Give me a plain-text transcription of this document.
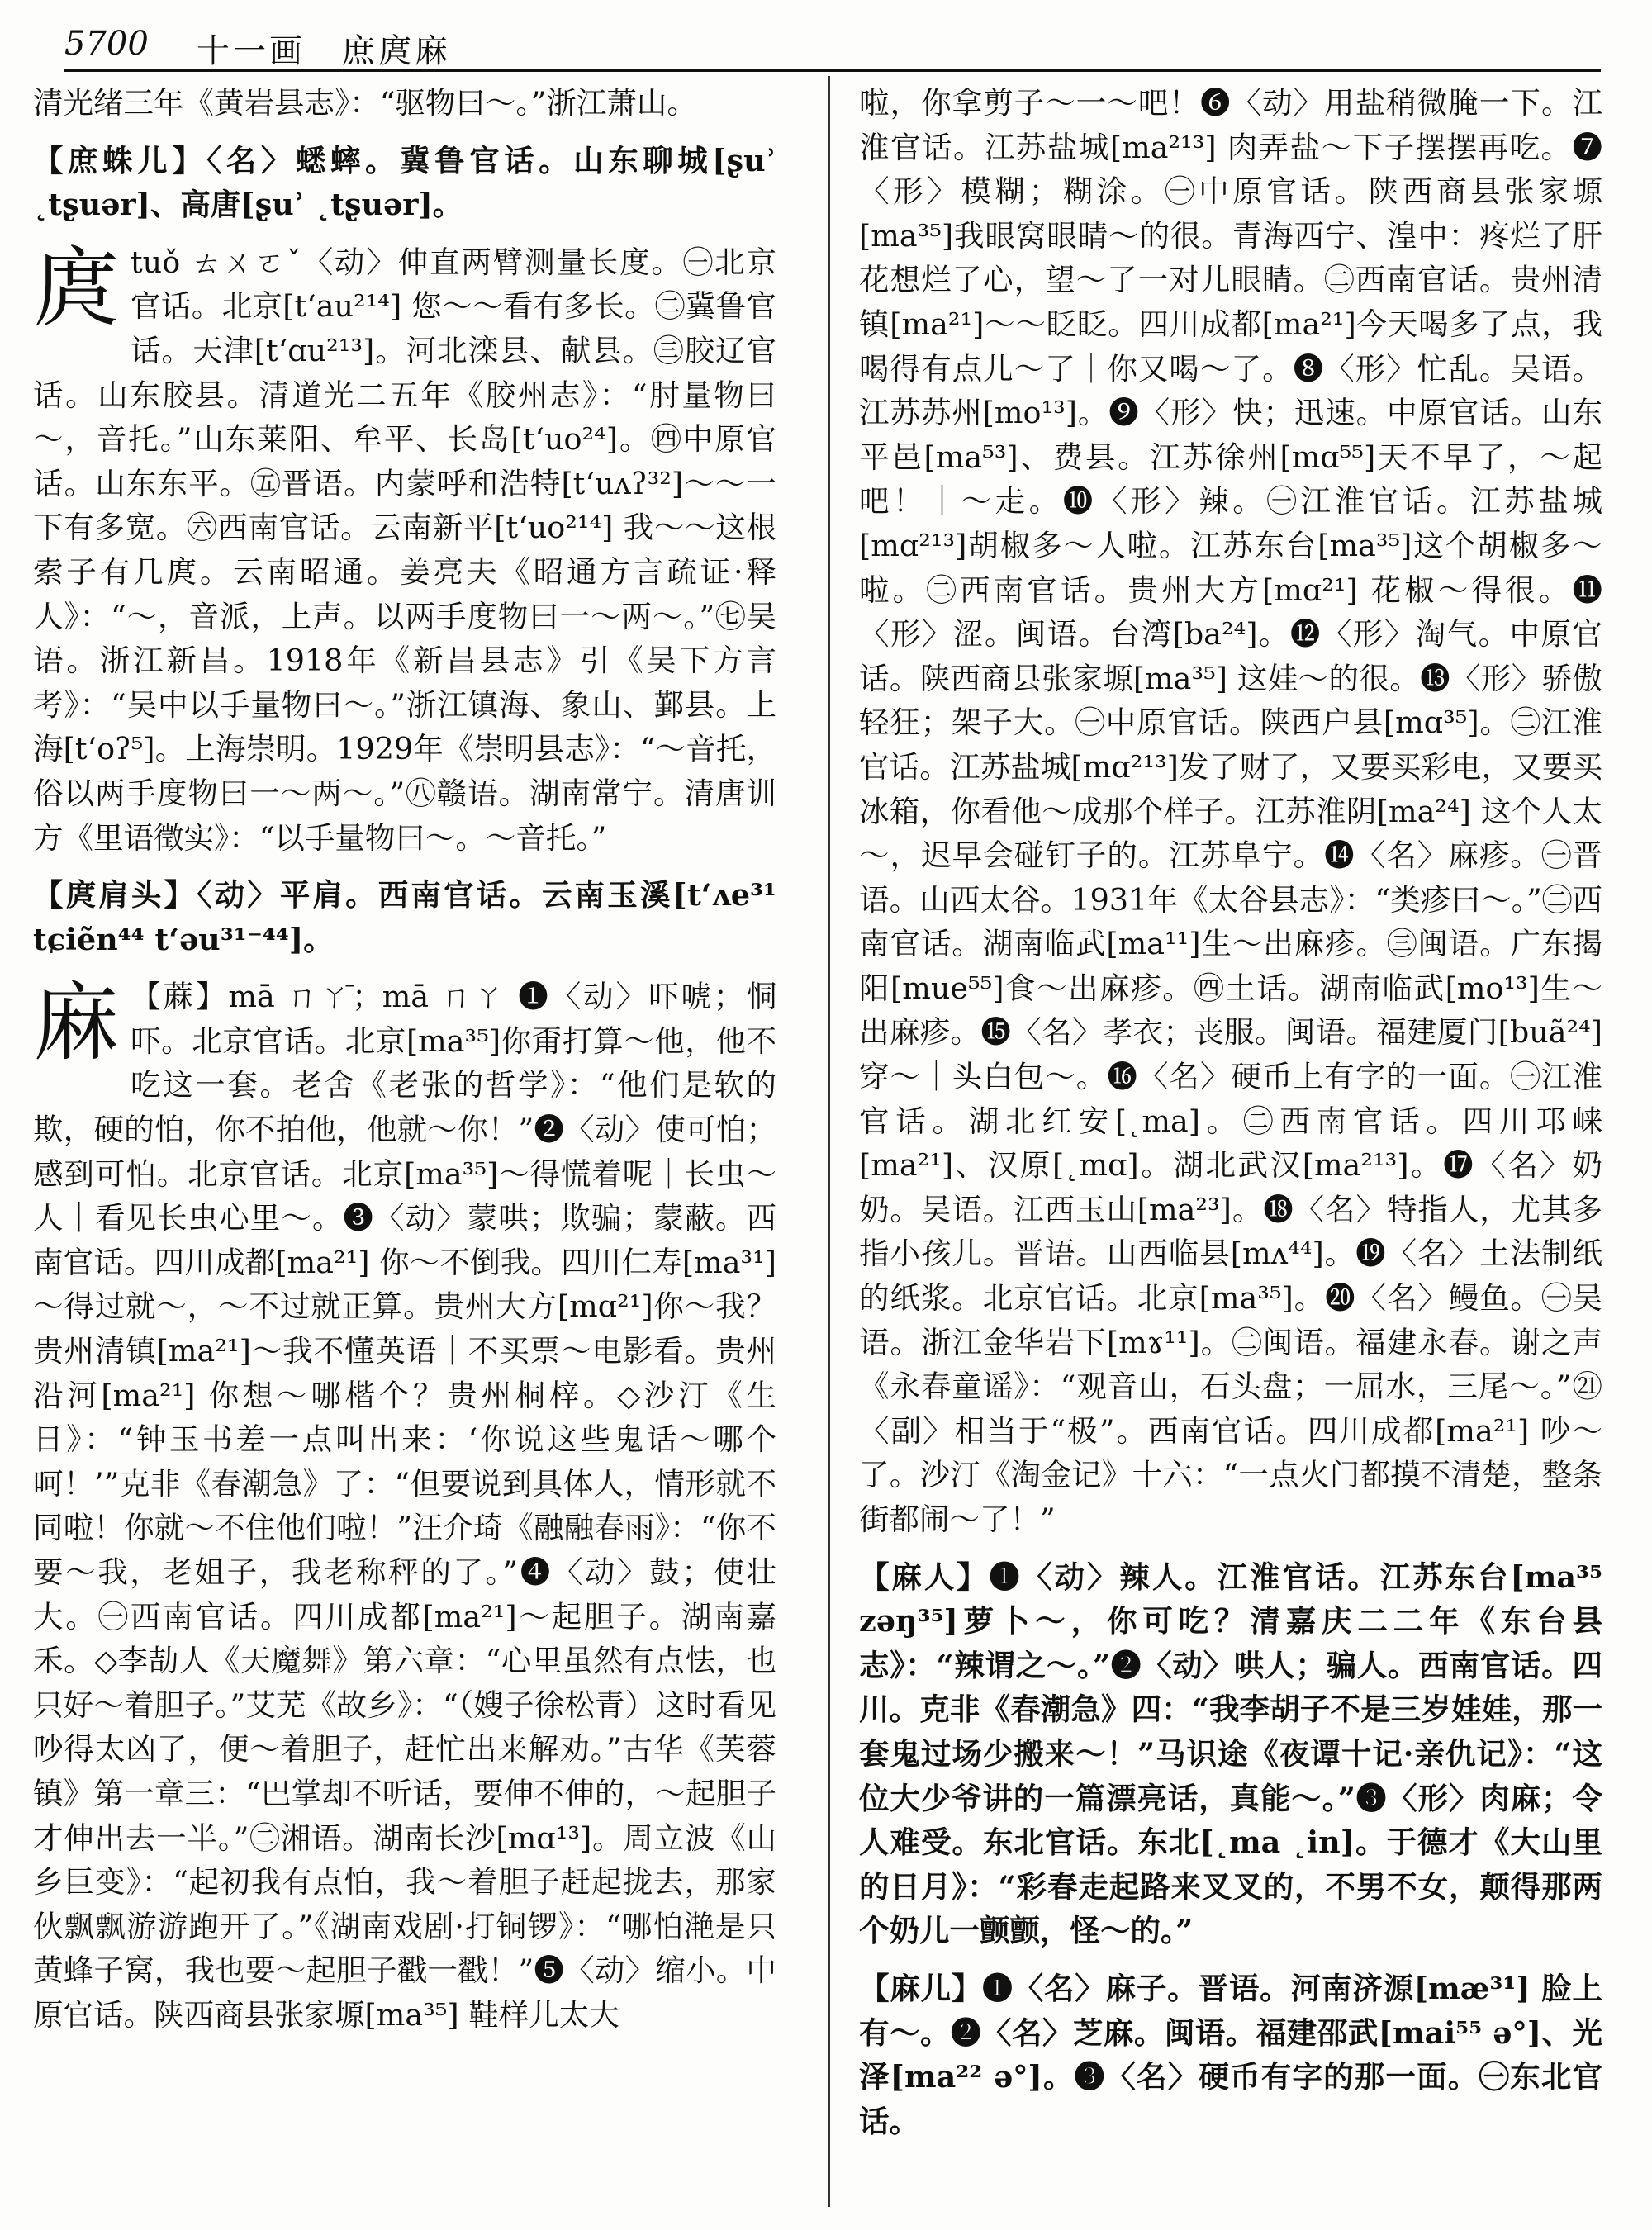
5700 十一画　庶庹麻

清光绪三年《黄岩县志》：“驱物曰～。”浙江萧山。

【庶蛛儿】〈名〉蟋蟀。冀鲁官话。山东聊城[ʂuʾ ˛tʂuər]、高唐[ʂuʾ ˛tʂuər]。

庹 tuǒ ㄊㄨㄛˇ〈动〉伸直两臂测量长度。㊀北京官话。北京[t‘au²¹⁴] 您～～看有多长。㊁冀鲁官话。天津[t‘ɑu²¹³]。河北滦县、献县。㊂胶辽官话。山东胶县。清道光二五年《胶州志》：“肘量物曰～，音托。”山东莱阳、牟平、长岛[t‘uo²⁴]。㊃中原官话。山东东平。㊄晋语。内蒙呼和浩特[t‘uʌʔ³²]～～一下有多宽。㊅西南官话。云南新平[t‘uo²¹⁴] 我～～这根索子有几庹。云南昭通。姜亮夫《昭通方言疏证·释人》：“～，音派，上声。以两手度物曰一～两～。”㊆吴语。浙江新昌。1918年《新昌县志》引《吴下方言考》：“吴中以手量物曰～。”浙江镇海、象山、鄞县。上海[t‘oʔ⁵]。上海崇明。1929年《崇明县志》：“～音托，俗以两手度物曰一～两～。”㊇赣语。湖南常宁。清唐训方《里语徵实》：“以手量物曰～。～音托。”

【庹肩头】〈动〉平肩。西南官话。云南玉溪[t‘ʌe³¹ tɕiẽn⁴⁴ t‘əu³¹⁻⁴⁴]。

麻 【蔴】mā ㄇㄚ̄；mā ㄇㄚ ❶〈动〉吓唬；恫吓。北京官话。北京[ma³⁵]你甭打算～他，他不吃这一套。老舍《老张的哲学》：“他们是软的欺，硬的怕，你不拍他，他就～你！”❷〈动〉使可怕；感到可怕。北京官话。北京[ma³⁵]～得慌着呢｜长虫～人｜看见长虫心里～。❸〈动〉蒙哄；欺骗；蒙蔽。西南官话。四川成都[ma²¹] 你～不倒我。四川仁寿[ma³¹]～得过就～，～不过就正算。贵州大方[mɑ²¹]你～我？贵州清镇[ma²¹]～我不懂英语｜不买票～电影看。贵州沿河[ma²¹] 你想～哪楷个？贵州桐梓。◇沙汀《生日》：“钟玉书差一点叫出来：‘你说这些鬼话～哪个呵！’”克非《春潮急》了：“但要说到具体人，情形就不同啦！你就～不住他们啦！”汪介琦《融融春雨》：“你不要～我，老姐子，我老称秤的了。”❹〈动〉鼓；使壮大。㊀西南官话。四川成都[ma²¹]～起胆子。湖南嘉禾。◇李劼人《天魔舞》第六章：“心里虽然有点怯，也只好～着胆子。”艾芜《故乡》：“（嫂子徐松青）这时看见吵得太凶了，便～着胆子，赶忙出来解劝。”古华《芙蓉镇》第一章三：“巴掌却不听话，要伸不伸的，～起胆子才伸出去一半。”㊁湘语。湖南长沙[mɑ¹³]。周立波《山乡巨变》：“起初我有点怕，我～着胆子赶起拢去，那家伙飘飘游游跑开了。”《湖南戏剧·打铜锣》：“哪怕滟是只黄蜂子窝，我也要～起胆子戳一戳！”❺〈动〉缩小。中原官话。陕西商县张家塬[ma³⁵] 鞋样儿太大

啦，你拿剪子～一～吧！❻〈动〉用盐稍微腌一下。江淮官话。江苏盐城[ma²¹³] 肉弄盐～下子摆摆再吃。❼〈形〉模糊；糊涂。㊀中原官话。陕西商县张家塬[ma³⁵]我眼窝眼睛～的很。青海西宁、湟中：疼烂了肝花想烂了心，望～了一对儿眼睛。㊁西南官话。贵州清镇[ma²¹]～～眨眨。四川成都[ma²¹]今天喝多了点，我喝得有点儿～了｜你又喝～了。❽〈形〉忙乱。吴语。江苏苏州[mo¹³]。❾〈形〉快；迅速。中原官话。山东平邑[ma⁵³]、费县。江苏徐州[mɑ⁵⁵]天不早了，～起吧！｜～走。❿〈形〉辣。㊀江淮官话。江苏盐城[mɑ²¹³]胡椒多～人啦。江苏东台[ma³⁵]这个胡椒多～啦。㊁西南官话。贵州大方[mɑ²¹] 花椒～得很。⓫〈形〉涩。闽语。台湾[ba²⁴]。⓬〈形〉淘气。中原官话。陕西商县张家塬[ma³⁵] 这娃～的很。⓭〈形〉骄傲轻狂；架子大。㊀中原官话。陕西户县[mɑ³⁵]。㊁江淮官话。江苏盐城[mɑ²¹³]发了财了，又要买彩电，又要买冰箱，你看他～成那个样子。江苏淮阴[ma²⁴] 这个人太～，迟早会碰钉子的。江苏阜宁。⓮〈名〉麻疹。㊀晋语。山西太谷。1931年《太谷县志》：“类疹曰～。”㊁西南官话。湖南临武[ma¹¹]生～出麻疹。㊂闽语。广东揭阳[mue⁵⁵]食～出麻疹。㊃土话。湖南临武[mo¹³]生～出麻疹。⓯〈名〉孝衣；丧服。闽语。福建厦门[buã²⁴] 穿～｜头白包～。⓰〈名〉硬币上有字的一面。㊀江淮官话。湖北红安[˛ma]。㊁西南官话。四川邛崃[ma²¹]、汉原[˛mɑ]。湖北武汉[ma²¹³]。⓱〈名〉奶奶。吴语。江西玉山[ma²³]。⓲〈名〉特指人，尤其多指小孩儿。晋语。山西临县[mʌ⁴⁴]。⓳〈名〉土法制纸的纸浆。北京官话。北京[ma³⁵]。⓴〈名〉鳗鱼。㊀吴语。浙江金华岩下[mɤ¹¹]。㊁闽语。福建永春。谢之声《永春童谣》：“观音山，石头盘；一屈水，三尾～。”㉑〈副〉相当于“极”。西南官话。四川成都[ma²¹] 吵～了。沙汀《淘金记》十六：“一点火门都摸不清楚，整条街都闹～了！”

【麻人】❶〈动〉辣人。江淮官话。江苏东台[ma³⁵ zəŋ³⁵]萝卜～，你可吃？清嘉庆二二年《东台县志》：“辣谓之～。”❷〈动〉哄人；骗人。西南官话。四川。克非《春潮急》四：“我李胡子不是三岁娃娃，那一套鬼过场少搬来～！”马识途《夜谭十记·亲仇记》：“这位大少爷讲的一篇漂亮话，真能～。”❸〈形〉肉麻；令人难受。东北官话。东北[˛ma ˛in]。于德才《大山里的日月》：“彩春走起路来叉叉的，不男不女，颠得那两个奶儿一颤颤，怪～的。”

【麻儿】❶〈名〉麻子。晋语。河南济源[mæ³¹] 脸上有～。❷〈名〉芝麻。闽语。福建邵武[mai⁵⁵ ə°]、光泽[ma²² ə°]。❸〈名〉硬币有字的那一面。㊀东北官话。
